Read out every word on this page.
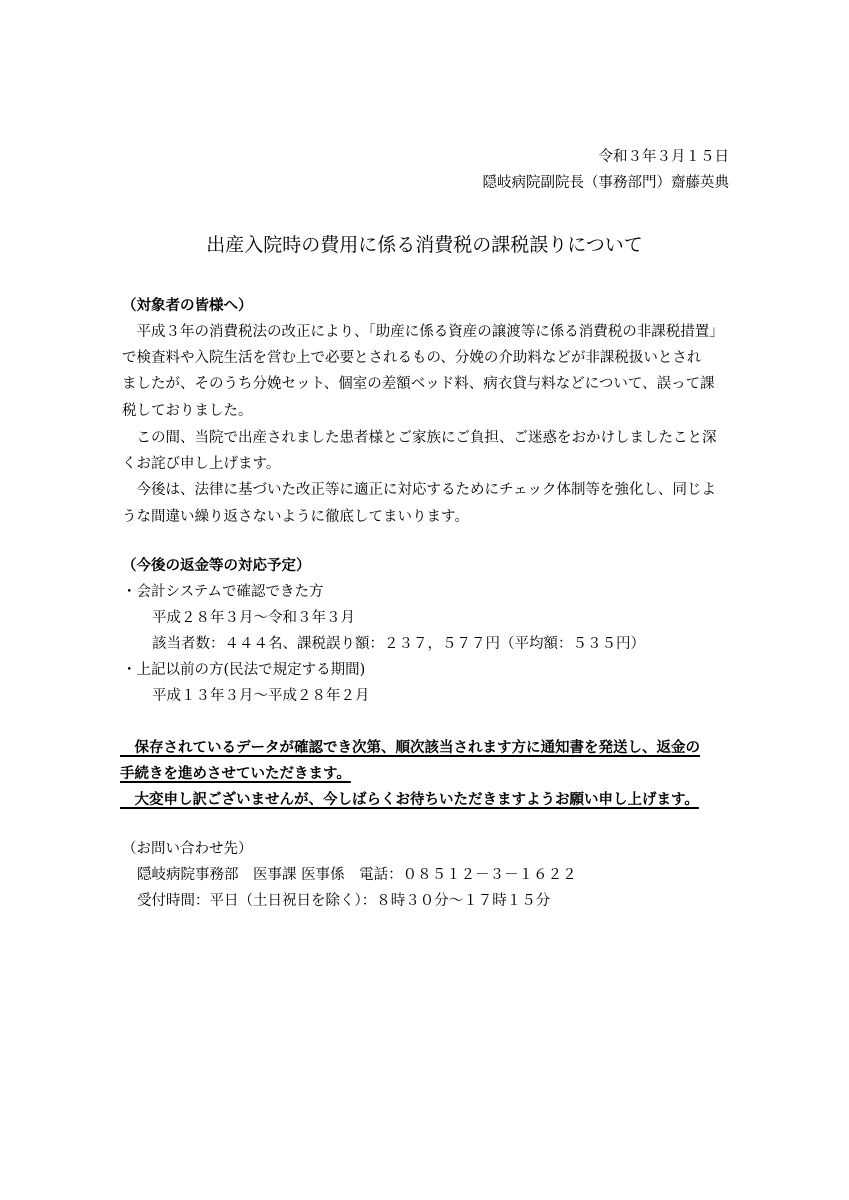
令和３年３月１５日
隠岐病院副院長（事務部門）齋藤英典
出産入院時の費用に係る消費税の課税誤りについて
（対象者の皆様へ）
　平成３年の消費税法の改正により、「助産に係る資産の譲渡等に係る消費税の非課税措置」
で検査料や入院生活を営む上で必要とされるもの、分娩の介助料などが非課税扱いとされ
ましたが、そのうち分娩セット、個室の差額ベッド料、病衣貸与料などについて、誤って課
税しておりました。
　この間、当院で出産されました患者様とご家族にご負担、ご迷惑をおかけしましたこと深
くお詫び申し上げます。
　今後は、法律に基づいた改正等に適正に対応するためにチェック体制等を強化し、同じよ
うな間違い繰り返さないように徹底してまいります。
（今後の返金等の対応予定）
・会計システムで確認できた方
平成２８年３月～令和３年３月
該当者数：４４４名、課税誤り額：２３７，５７７円（平均額：５３５円）
・上記以前の方(民法で規定する期間)
平成１３年３月～平成２８年２月
　保存されているデータが確認でき次第、順次該当されます方に通知書を発送し、返金の
手続きを進めさせていただきます。
　大変申し訳ございませんが、今しばらくお待ちいただきますようお願い申し上げます。
（お問い合わせ先）
隠岐病院事務部　医事課 医事係　電話：０８５１２－３－１６２２
受付時間：平日（土日祝日を除く）：８時３０分～１７時１５分
